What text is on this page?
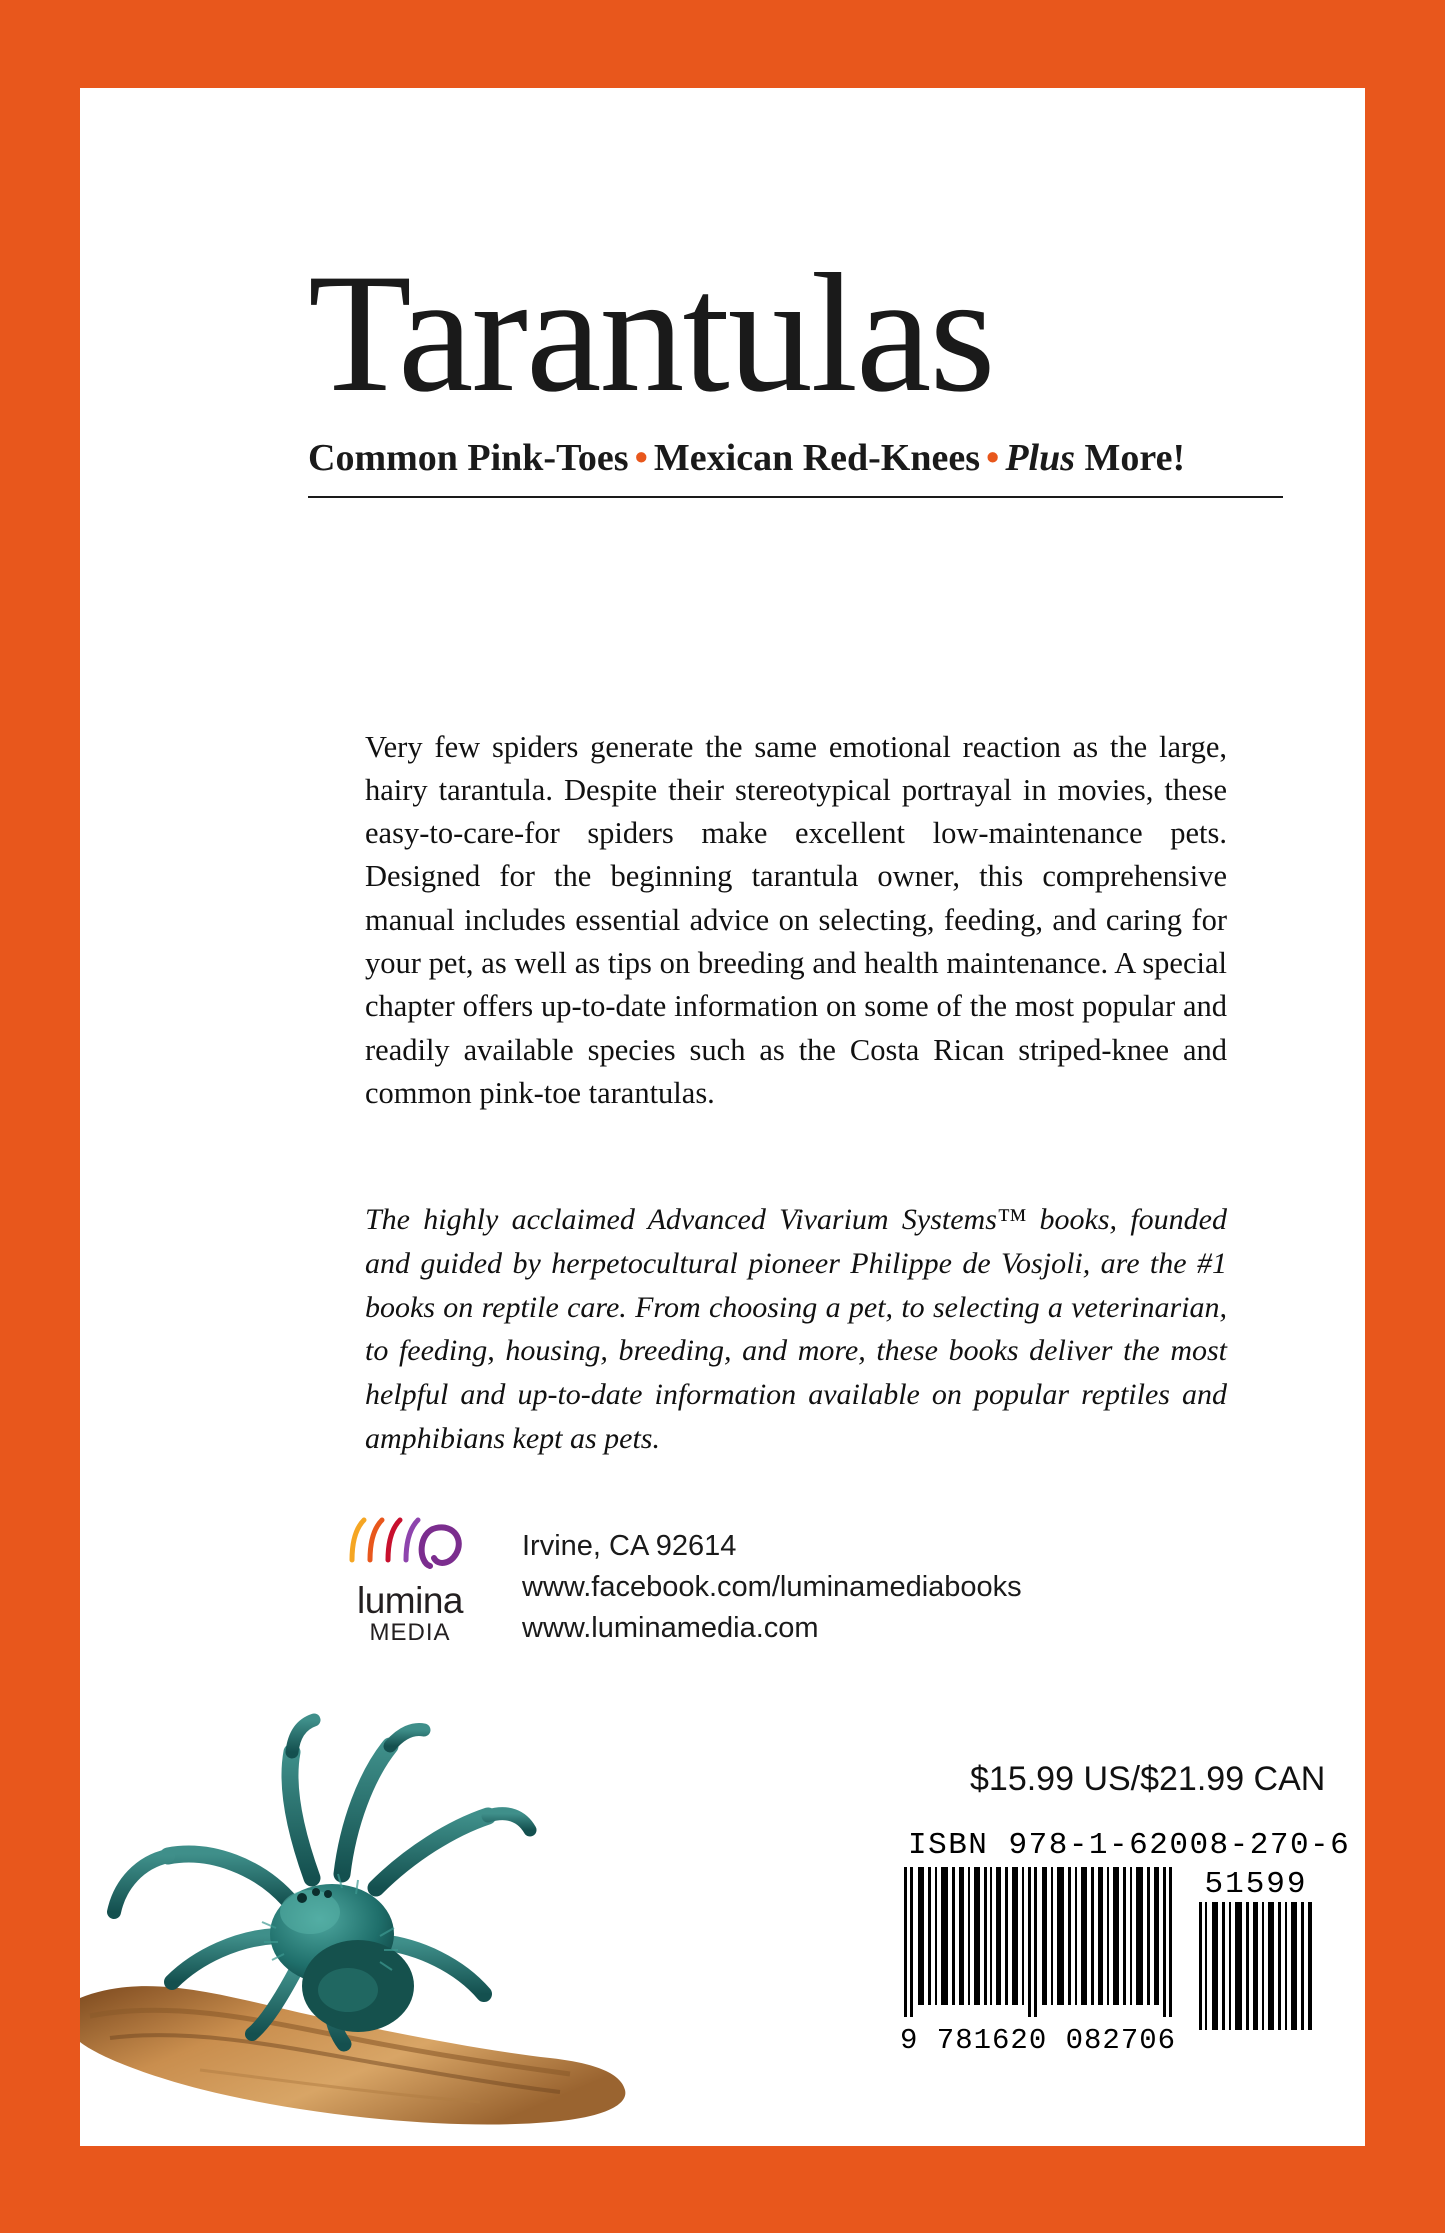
Tarantulas
Common Pink-Toes • Mexican Red-Knees • Plus More!

Very few spiders generate the same emotional reaction as the large, hairy tarantula. Despite their stereotypical portrayal in movies, these easy-to-care-for spiders make excellent low-maintenance pets. Designed for the beginning tarantula owner, this comprehensive manual includes essential advice on selecting, feeding, and caring for your pet, as well as tips on breeding and health maintenance. A special chapter offers up-to-date information on some of the most popular and readily available species such as the Costa Rican striped-knee and common pink-toe tarantulas.

The highly acclaimed Advanced Vivarium Systems™ books, founded and guided by herpetocultural pioneer Philippe de Vosjoli, are the #1 books on reptile care. From choosing a pet, to selecting a veterinarian, to feeding, housing, breeding, and more, these books deliver the most helpful and up-to-date information available on popular reptiles and amphibians kept as pets.

lumina
MEDIA
Irvine, CA 92614
www.facebook.com/luminamediabooks
www.luminamedia.com
$15.99 US/$21.99 CAN
ISBN 978-1-62008-270-6
9 781620 082706
51599
